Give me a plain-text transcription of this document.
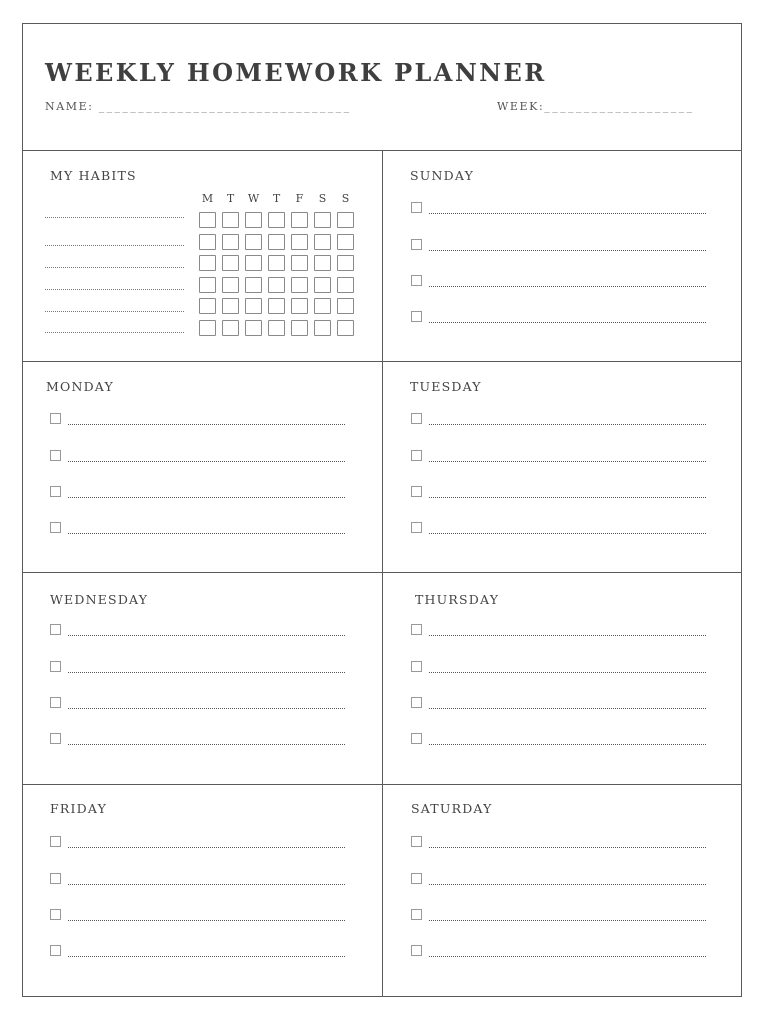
WEEKLY HOMEWORK PLANNER
NAME: ________________________________	WEEK:___________________
MY HABITS
M	T	W	T	F	S	S
SUNDAY
MONDAY	TUESDAY
WEDNESDAY	THURSDAY
FRIDAY	SATURDAY
